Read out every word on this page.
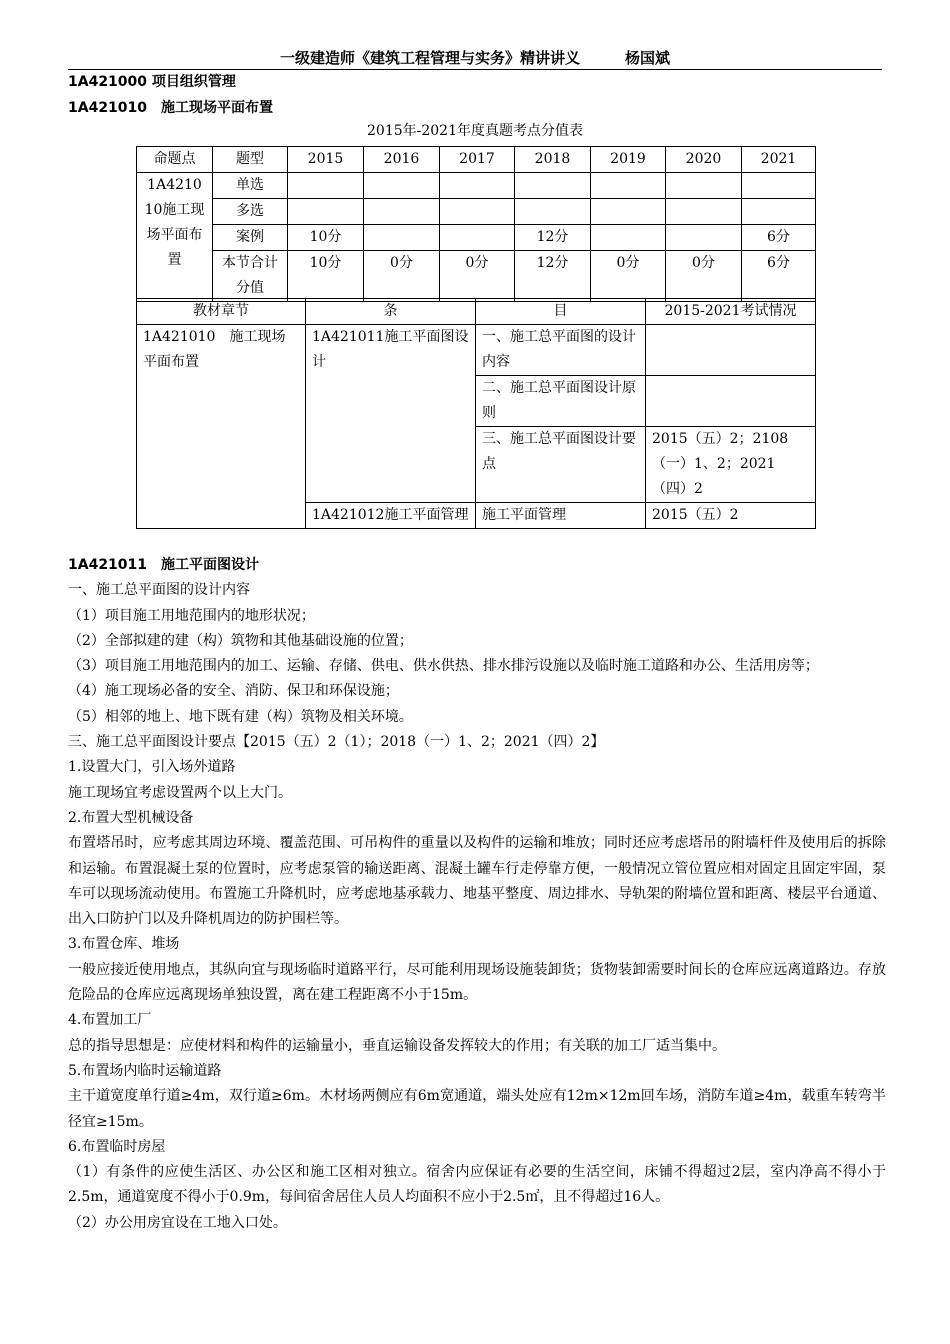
一级建造师《建筑工程管理与实务》精讲讲义　　　杨国斌
1A421000 项目组织管理
1A421010　施工现场平面布置
2015年-2021年度真题考点分值表
命题点	题型	2015	2016	2017	2018	2019	2020	2021
1A421010施工现场平面布置	单选							
	多选							
	案例	10分			12分			6分
	本节合计分值	10分	0分	0分	12分	0分	0分	6分

教材章节	条	目	2015-2021考试情况
1A421010　施工现场平面布置	1A421011施工平面图设计	一、施工总平面图的设计内容	
		二、施工总平面图设计原则	
		三、施工总平面图设计要点	2015（五）2；2108（一）1、2；2021（四）2
	1A421012施工平面管理	施工平面管理	2015（五）2

1A421011　施工平面图设计

一、施工总平面图的设计内容

（1）项目施工用地范围内的地形状况；

（2）全部拟建的建（构）筑物和其他基础设施的位置；

（3）项目施工用地范围内的加工、运输、存储、供电、供水供热、排水排污设施以及临时施工道路和办公、生活用房等；

（4）施工现场必备的安全、消防、保卫和环保设施；

（5）相邻的地上、地下既有建（构）筑物及相关环境。

三、施工总平面图设计要点【2015（五）2（1）；2018（一）1、2；2021（四）2】

1.设置大门，引入场外道路

施工现场宜考虑设置两个以上大门。

2.布置大型机械设备

布置塔吊时，应考虑其周边环境、覆盖范围、可吊构件的重量以及构件的运输和堆放；同时还应考虑塔吊的附墙杆件及使用后的拆除和运输。布置混凝土泵的位置时，应考虑泵管的输送距离、混凝土罐车行走停靠方便，一般情况立管位置应相对固定且固定牢固，泵车可以现场流动使用。布置施工升降机时，应考虑地基承载力、地基平整度、周边排水、导轨架的附墙位置和距离、楼层平台通道、出入口防护门以及升降机周边的防护围栏等。

3.布置仓库、堆场

一般应接近使用地点，其纵向宜与现场临时道路平行，尽可能利用现场设施装卸货；货物装卸需要时间长的仓库应远离道路边。存放危险品的仓库应远离现场单独设置，离在建工程距离不小于15m。

4.布置加工厂

总的指导思想是：应使材料和构件的运输量小，垂直运输设备发挥较大的作用；有关联的加工厂适当集中。

5.布置场内临时运输道路

主干道宽度单行道≥4m，双行道≥6m。木材场两侧应有6m宽通道，端头处应有12m×12m回车场，消防车道≥4m，载重车转弯半径宜≥15m。

6.布置临时房屋

（1）有条件的应使生活区、办公区和施工区相对独立。宿舍内应保证有必要的生活空间，床铺不得超过2层，室内净高不得小于2.5m，通道宽度不得小于0.9m，每间宿舍居住人员人均面积不应小于2.5㎡，且不得超过16人。

（2）办公用房宜设在工地入口处。
